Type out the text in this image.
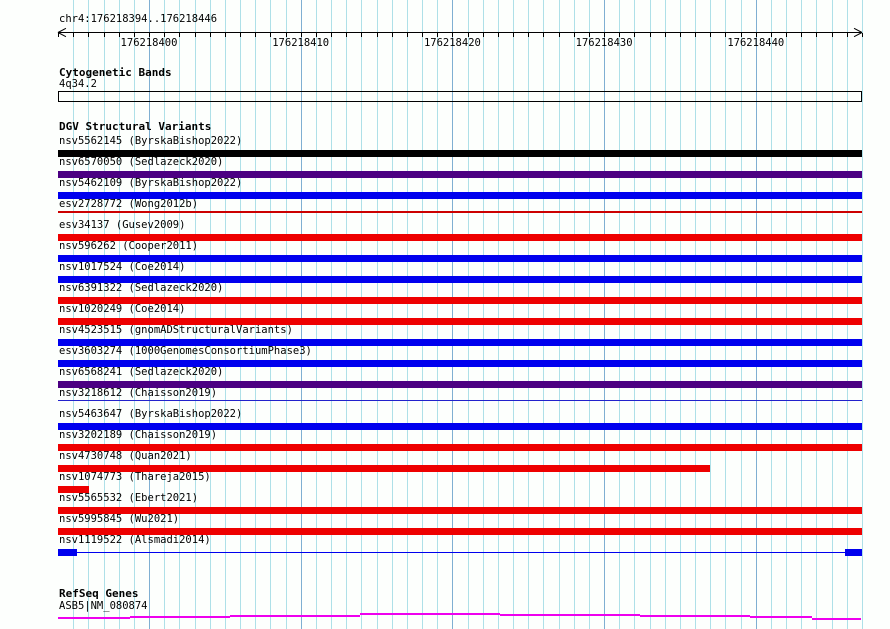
chr4:176218394..176218446
176218400	176218410	176218420	176218430	176218440
Cytogenetic Bands
4q34.2
DGV Structural Variants
nsv5562145 (ByrskaBishop2022)
nsv6570050 (Sedlazeck2020)
nsv5462109 (ByrskaBishop2022)
esv2728772 (Wong2012b)
esv34137 (Gusev2009)
nsv596262 (Cooper2011)
nsv1017524 (Coe2014)
nsv6391322 (Sedlazeck2020)
nsv1020249 (Coe2014)
nsv4523515 (gnomADStructuralVariants)
esv3603274 (1000GenomesConsortiumPhase3)
nsv6568241 (Sedlazeck2020)
nsv3218612 (Chaisson2019)
nsv5463647 (ByrskaBishop2022)
nsv3202189 (Chaisson2019)
nsv4730748 (Quan2021)
nsv1074773 (Thareja2015)
nsv5565532 (Ebert2021)
nsv5995845 (Wu2021)
nsv1119522 (Alsmadi2014)
RefSeq Genes
ASB5|NM_080874
